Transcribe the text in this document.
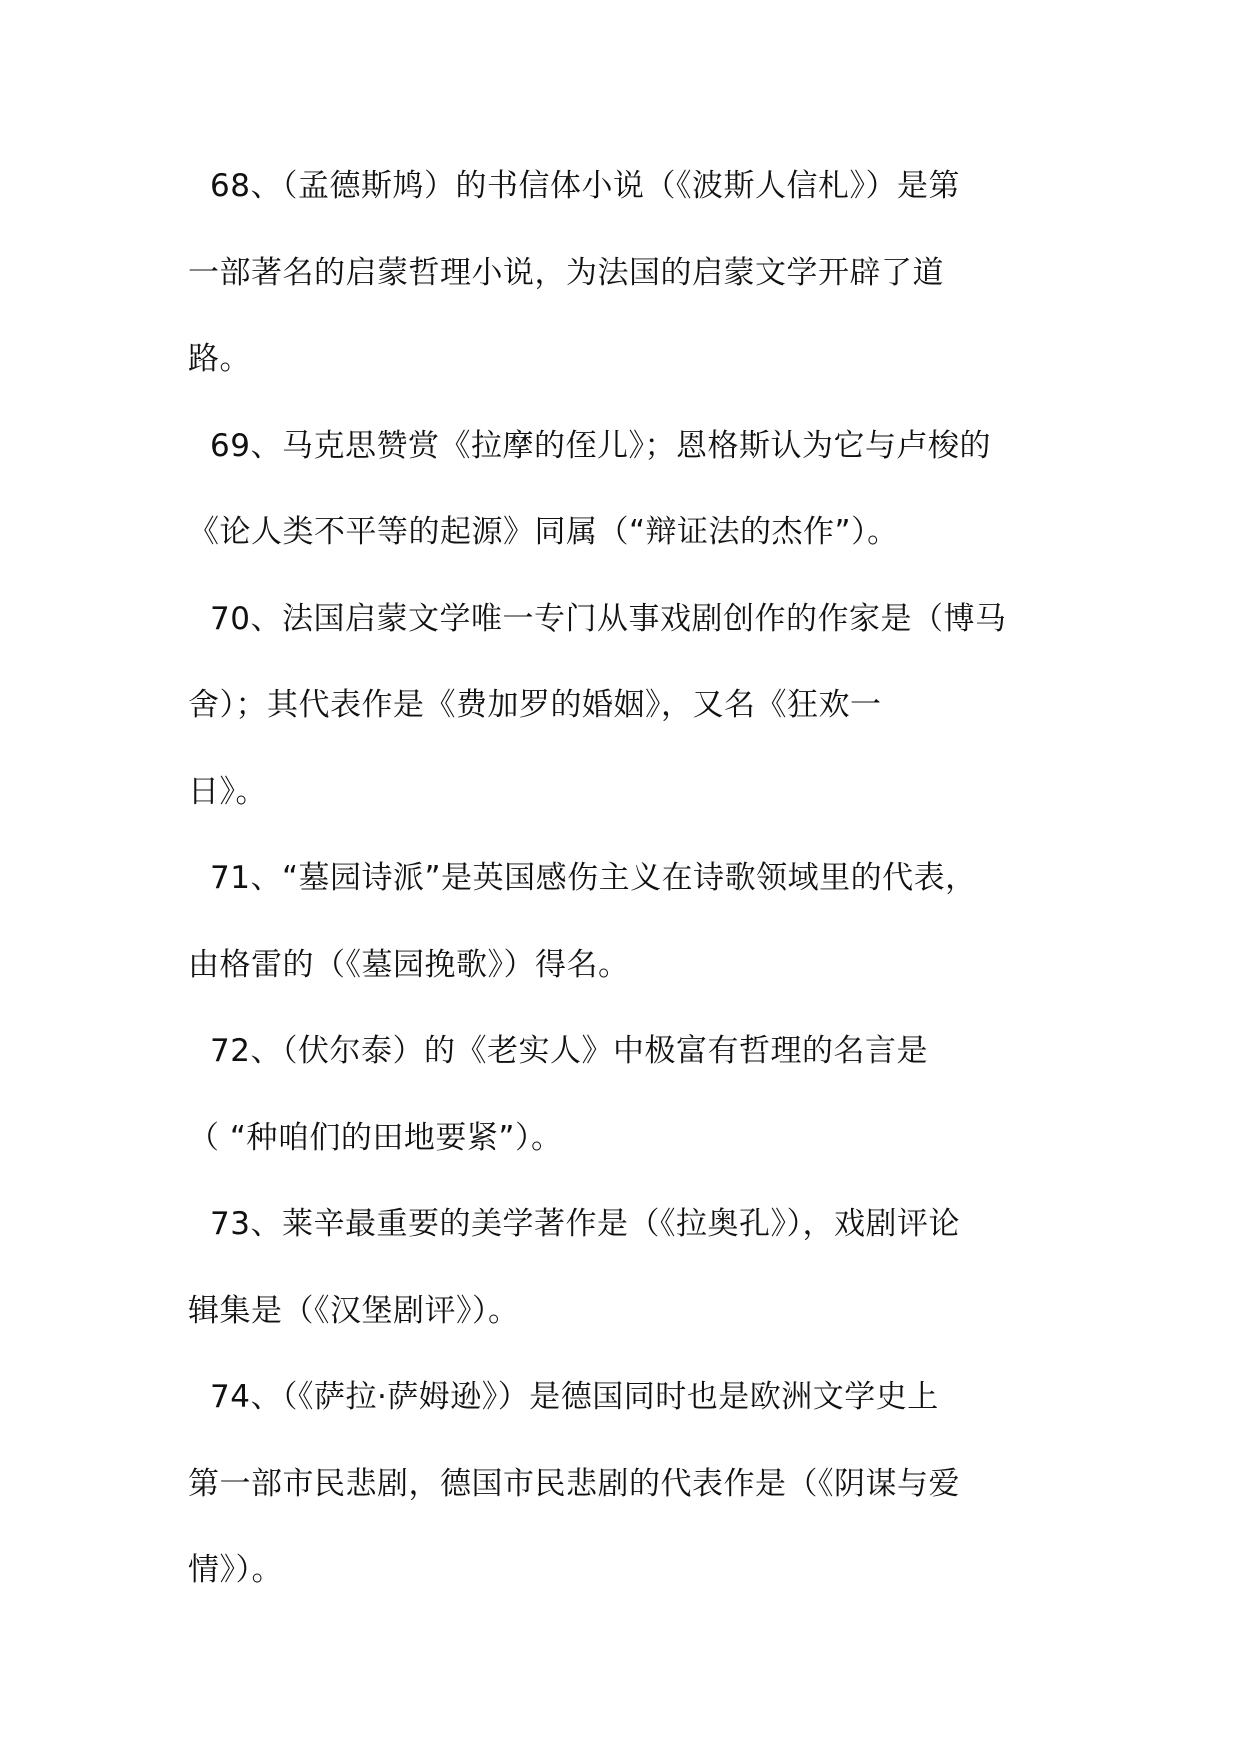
68、（孟德斯鸠）的书信体小说（《波斯人信札》）是第

一部著名的启蒙哲理小说，为法国的启蒙文学开辟了道

路。

69、马克思赞赏《拉摩的侄儿》；恩格斯认为它与卢梭的

《论人类不平等的起源》同属（“辩证法的杰作”）。

70、法国启蒙文学唯一专门从事戏剧创作的作家是（博马

舍）；其代表作是《费加罗的婚姻》，又名《狂欢一

日》。

71、“墓园诗派”是英国感伤主义在诗歌领域里的代表，

由格雷的（《墓园挽歌》）得名。

72、（伏尔泰）的《老实人》中极富有哲理的名言是

（ “种咱们的田地要紧”）。

73、莱辛最重要的美学著作是（《拉奥孔》），戏剧评论

辑集是（《汉堡剧评》）。

74、（《萨拉·萨姆逊》）是德国同时也是欧洲文学史上

第一部市民悲剧，德国市民悲剧的代表作是（《阴谋与爱

情》）。
